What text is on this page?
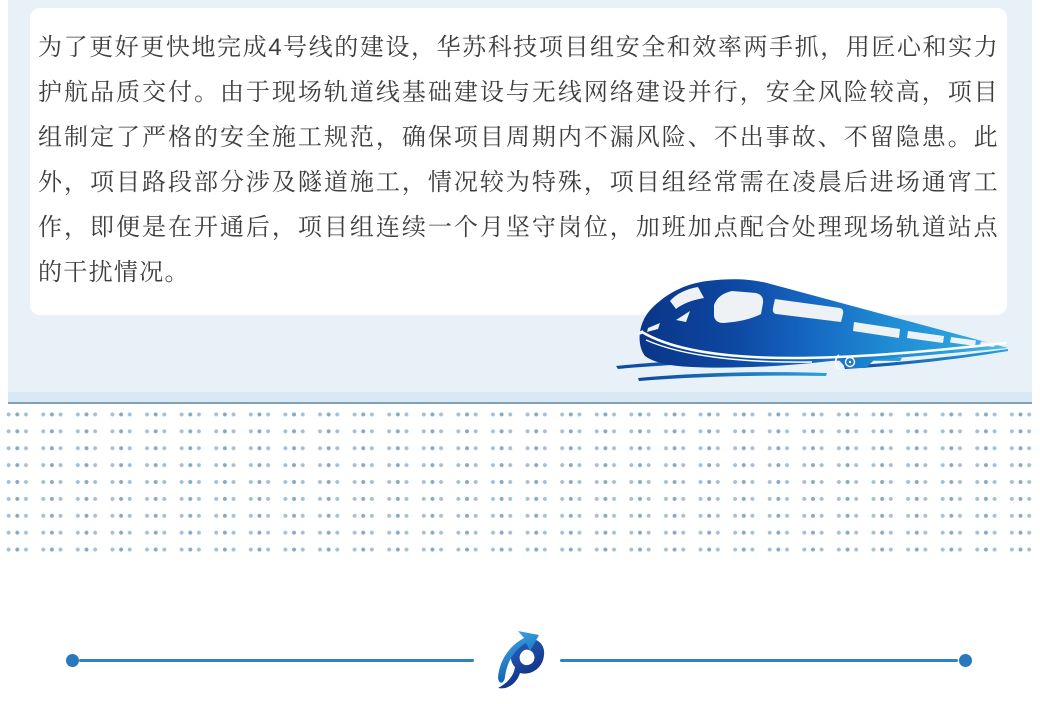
为了更好更快地完成4号线的建设，华苏科技项目组安全和效率两手抓，用匠心和实力护航品质交付。由于现场轨道线基础建设与无线网络建设并行，安全风险较高，项目组制定了严格的安全施工规范，确保项目周期内不漏风险、不出事故、不留隐患。此外，项目路段部分涉及隧道施工，情况较为特殊，项目组经常需在凌晨后进场通宵工作，即便是在开通后，项目组连续一个月坚守岗位，加班加点配合处理现场轨道站点的干扰情况。
